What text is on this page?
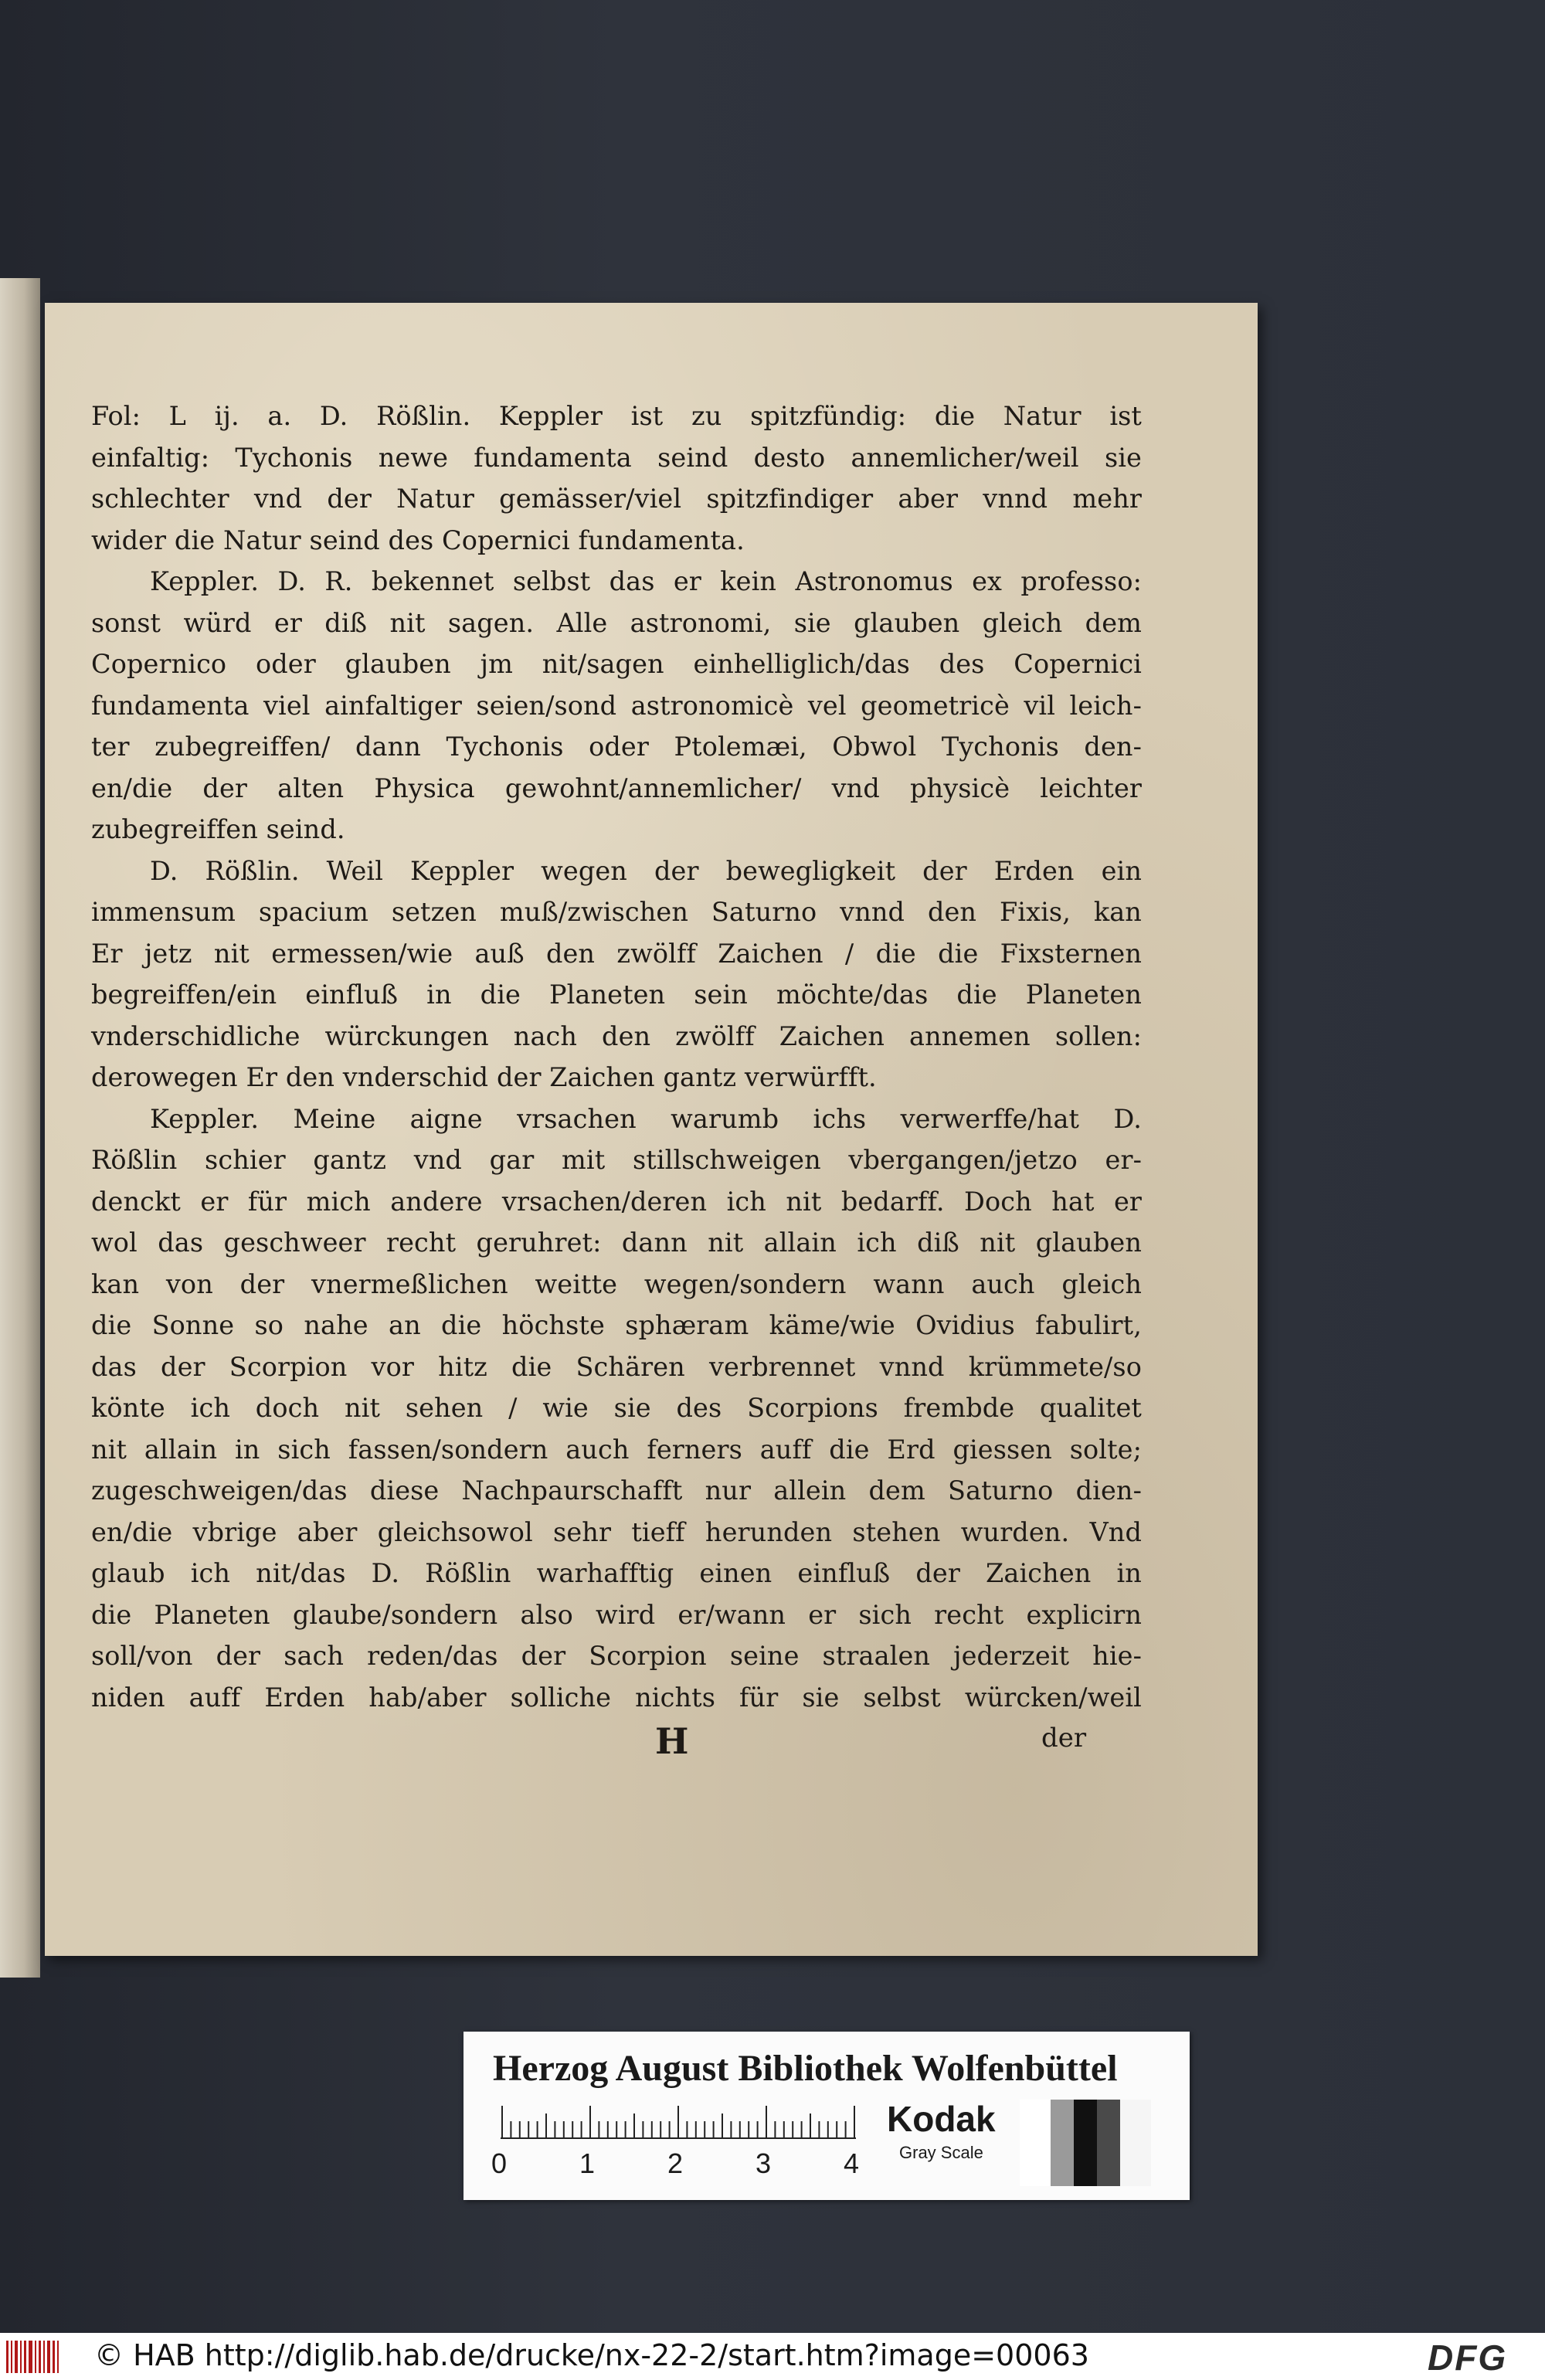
Fol: L ij. a. D. Rößlin. Keppler ist zu spitzfündig: die Natur ist
einfaltig: Tychonis newe fundamenta seind desto annemlicher/weil sie
schlechter vnd der Natur gemässer/viel spitzfindiger aber vnnd mehr
wider die Natur seind des Copernici fundamenta.
Keppler. D. R. bekennet selbst das er kein Astronomus ex professo:
sonst würd er diß nit sagen. Alle astronomi, sie glauben gleich dem
Copernico oder glauben jm nit/sagen einhelliglich/das des Copernici
fundamenta viel ainfaltiger seien/sond astronomicè vel geometricè vil leich-
ter zubegreiffen/ dann Tychonis oder Ptolemæi, Obwol Tychonis den-
en/die der alten Physica gewohnt/annemlicher/ vnd physicè leichter
zubegreiffen seind.
D. Rößlin. Weil Keppler wegen der bewegligkeit der Erden ein
immensum spacium setzen muß/zwischen Saturno vnnd den Fixis, kan
Er jetz nit ermessen/wie auß den zwölff Zaichen / die die Fixsternen
begreiffen/ein einfluß in die Planeten sein möchte/das die Planeten
vnderschidliche würckungen nach den zwölff Zaichen annemen sollen:
derowegen Er den vnderschid der Zaichen gantz verwürfft.
Keppler. Meine aigne vrsachen warumb ichs verwerffe/hat D.
Rößlin schier gantz vnd gar mit stillschweigen vbergangen/jetzo er-
denckt er für mich andere vrsachen/deren ich nit bedarff. Doch hat er
wol das geschweer recht geruhret: dann nit allain ich diß nit glauben
kan von der vnermeßlichen weitte wegen/sondern wann auch gleich
die Sonne so nahe an die höchste sphæram käme/wie Ovidius fabulirt,
das der Scorpion vor hitz die Schären verbrennet vnnd krümmete/so
könte ich doch nit sehen / wie sie des Scorpions frembde qualitet
nit allain in sich fassen/sondern auch ferners auff die Erd giessen solte;
zugeschweigen/das diese Nachpaurschafft nur allein dem Saturno dien-
en/die vbrige aber gleichsowol sehr tieff herunden stehen wurden. Vnd
glaub ich nit/das D. Rößlin warhafftig einen einfluß der Zaichen in
die Planeten glaube/sondern also wird er/wann er sich recht explicirn
soll/von der sach reden/das der Scorpion seine straalen jederzeit hie-
niden auff Erden hab/aber solliche nichts für sie selbst würcken/weil
H	der
Herzog August Bibliothek Wolfenbüttel
0	1	2	3	4
Kodak
Gray Scale
© HAB http://diglib.hab.de/drucke/nx-22-2/start.htm?image=00063	DFG
